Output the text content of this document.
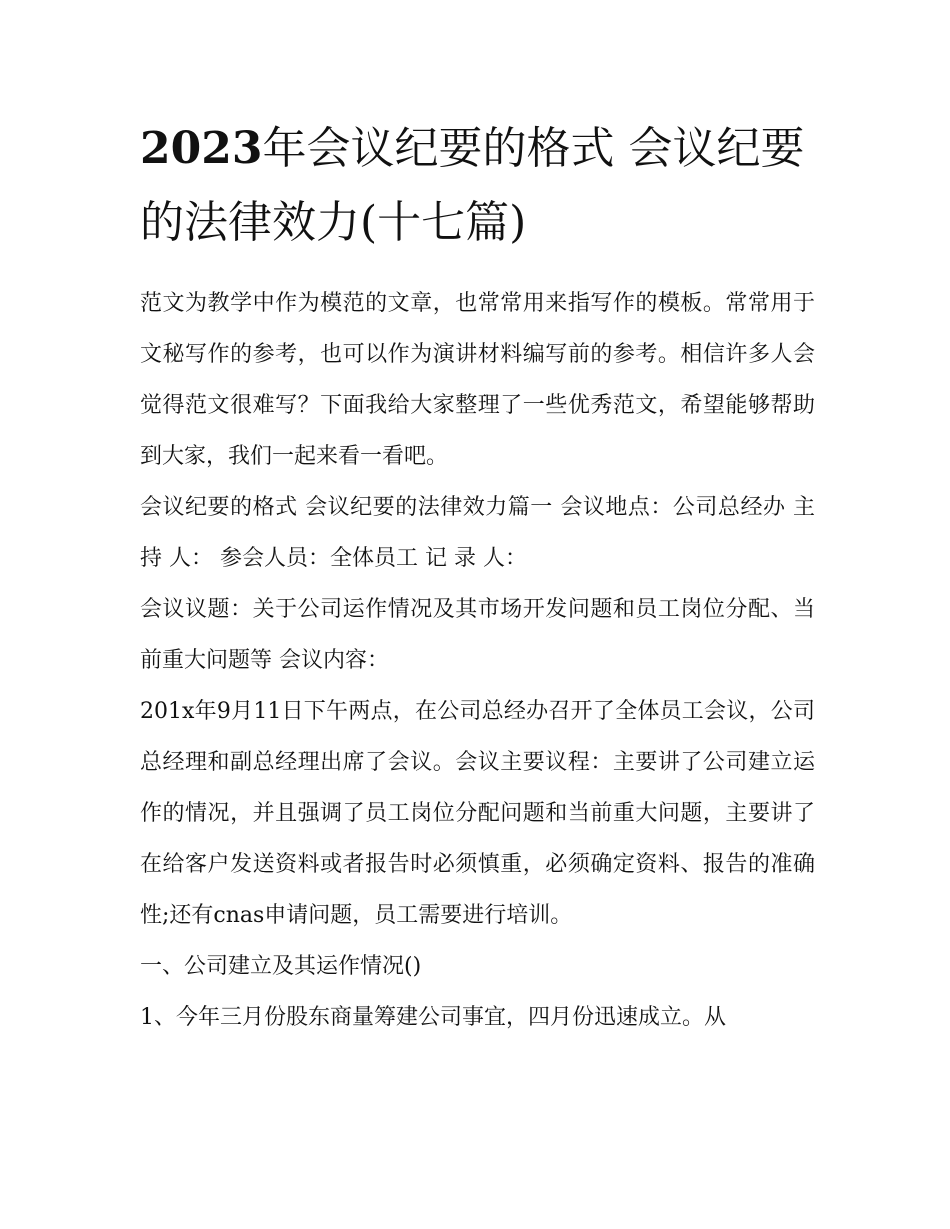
2023年会议纪要的格式 会议纪要的法律效力(十七篇)

范文为教学中作为模范的文章，也常常用来指写作的模板。常常用于文秘写作的参考，也可以作为演讲材料编写前的参考。相信许多人会觉得范文很难写？下面我给大家整理了一些优秀范文，希望能够帮助到大家，我们一起来看一看吧。

会议纪要的格式 会议纪要的法律效力篇一 会议地点：公司总经办 主 持 人： 参会人员：全体员工 记 录 人：

会议议题：关于公司运作情况及其市场开发问题和员工岗位分配、当前重大问题等 会议内容：

201x年9月11日下午两点，在公司总经办召开了全体员工会议，公司总经理和副总经理出席了会议。会议主要议程：主要讲了公司建立运作的情况，并且强调了员工岗位分配问题和当前重大问题，主要讲了在给客户发送资料或者报告时必须慎重，必须确定资料、报告的准确性;还有cnas申请问题，员工需要进行培训。

一、公司建立及其运作情况()

1、今年三月份股东商量筹建公司事宜，四月份迅速成立。从
